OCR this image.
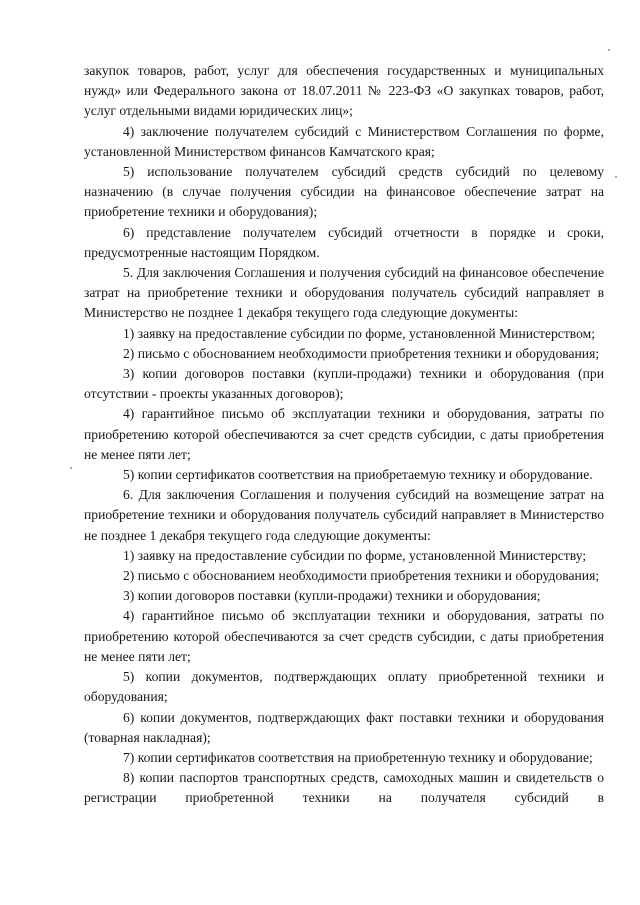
закупок товаров, работ, услуг для обеспечения государственных и муниципальных нужд» или Федерального закона от 18.07.2011 № 223-ФЗ «О закупках товаров, работ, услуг отдельными видами юридических лиц»;

4) заключение получателем субсидий с Министерством Соглашения по форме, установленной Министерством финансов Камчатского края;

5) использование получателем субсидий средств субсидий по целевому назначению (в случае получения субсидии на финансовое обеспечение затрат на приобретение техники и оборудования);

6) представление получателем субсидий отчетности в порядке и сроки, предусмотренные настоящим Порядком.

5. Для заключения Соглашения и получения субсидий на финансовое обеспечение затрат на приобретение техники и оборудования получатель субсидий направляет в Министерство не позднее 1 декабря текущего года следующие документы:

1) заявку на предоставление субсидии по форме, установленной Министерством;

2) письмо с обоснованием необходимости приобретения техники и оборудования;

3) копии договоров поставки (купли-продажи) техники и оборудования (при отсутствии - проекты указанных договоров);

4) гарантийное письмо об эксплуатации техники и оборудования, затраты по приобретению которой обеспечиваются за счет средств субсидии, с даты приобретения не менее пяти лет;

5) копии сертификатов соответствия на приобретаемую технику и оборудование.

6. Для заключения Соглашения и получения субсидий на возмещение затрат на приобретение техники и оборудования получатель субсидий направляет в Министерство не позднее 1 декабря текущего года следующие документы:

1) заявку на предоставление субсидии по форме, установленной Министерству;

2) письмо с обоснованием необходимости приобретения техники и оборудования;

3) копии договоров поставки (купли-продажи) техники и оборудования;

4) гарантийное письмо об эксплуатации техники и оборудования, затраты по приобретению которой обеспечиваются за счет средств субсидии, с даты приобретения не менее пяти лет;

5) копии документов, подтверждающих оплату приобретенной техники и оборудования;

6) копии документов, подтверждающих факт поставки техники и оборудования (товарная накладная);

7) копии сертификатов соответствия на приобретенную технику и оборудование;

8) копии паспортов транспортных средств, самоходных машин и свидетельств о регистрации приобретенной техники на получателя субсидий в
